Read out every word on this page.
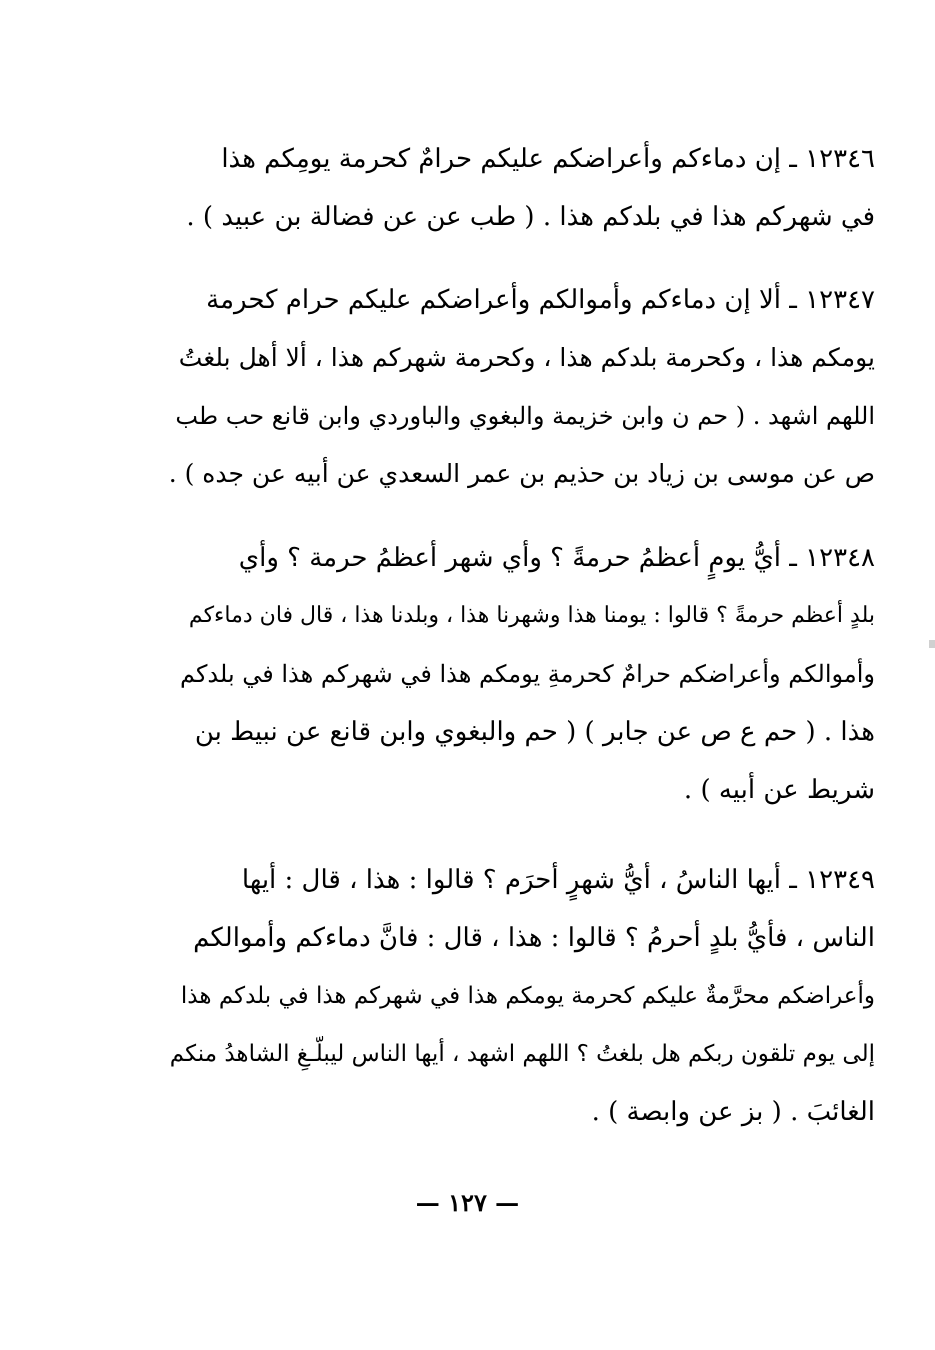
١٢٣٤٦ ـ إن دماءكم وأعراضكم عليكم حرامٌ كحرمة يومِكم هذا
في شهركم هذا في بلدكم هذا . ( طب عن عن فضالة بن عبيد ) .
١٢٣٤٧ ـ ألا إن دماءكم وأموالكم وأعراضكم عليكم حرام كحرمة
يومكم هذا ، وكحرمة بلدكم هذا ، وكحرمة شهركم هذا ، ألا أهل بلغتُ
اللهم اشهد . ( حم ن وابن خزيمة والبغوي والباوردي وابن قانع حب طب
ص عن موسى بن زياد بن حذيم بن عمر السعدي عن أبيه عن جده ) .
١٢٣٤٨ ـ أيُّ يومٍ أعظمُ حرمةً ؟ وأي شهر أعظمُ حرمة ؟ وأي
بلدٍ أعظم حرمةً ؟ قالوا : يومنا هذا وشهرنا هذا ، وبلدنا هذا ، قال فان دماءكم
وأموالكم وأعراضكم حرامٌ كحرمةِ يومكم هذا في شهركم هذا في بلدكم
هذا . ( حم ع ص عن جابر ) ( حم والبغوي وابن قانع عن نبيط بن
شريط عن أبيه ) .
١٢٣٤٩ ـ أيها الناسُ ، أيُّ شهرٍ أحرَم ؟ قالوا : هذا ، قال : أيها
الناس ، فأيُّ بلدٍ أحرمُ ؟ قالوا : هذا ، قال : فانَّ دماءكم وأموالكم
وأعراضكم محرَّمةٌ عليكم كحرمة يومكم هذا في شهركم هذا في بلدكم هذا
إلى يوم تلقون ربكم هل بلغتُ ؟ اللهم اشهد ، أيها الناس ليبلّـغِ الشاهدُ منكم
الغائبَ . ( بز عن وابصة ) .
— ١٢٧ —
